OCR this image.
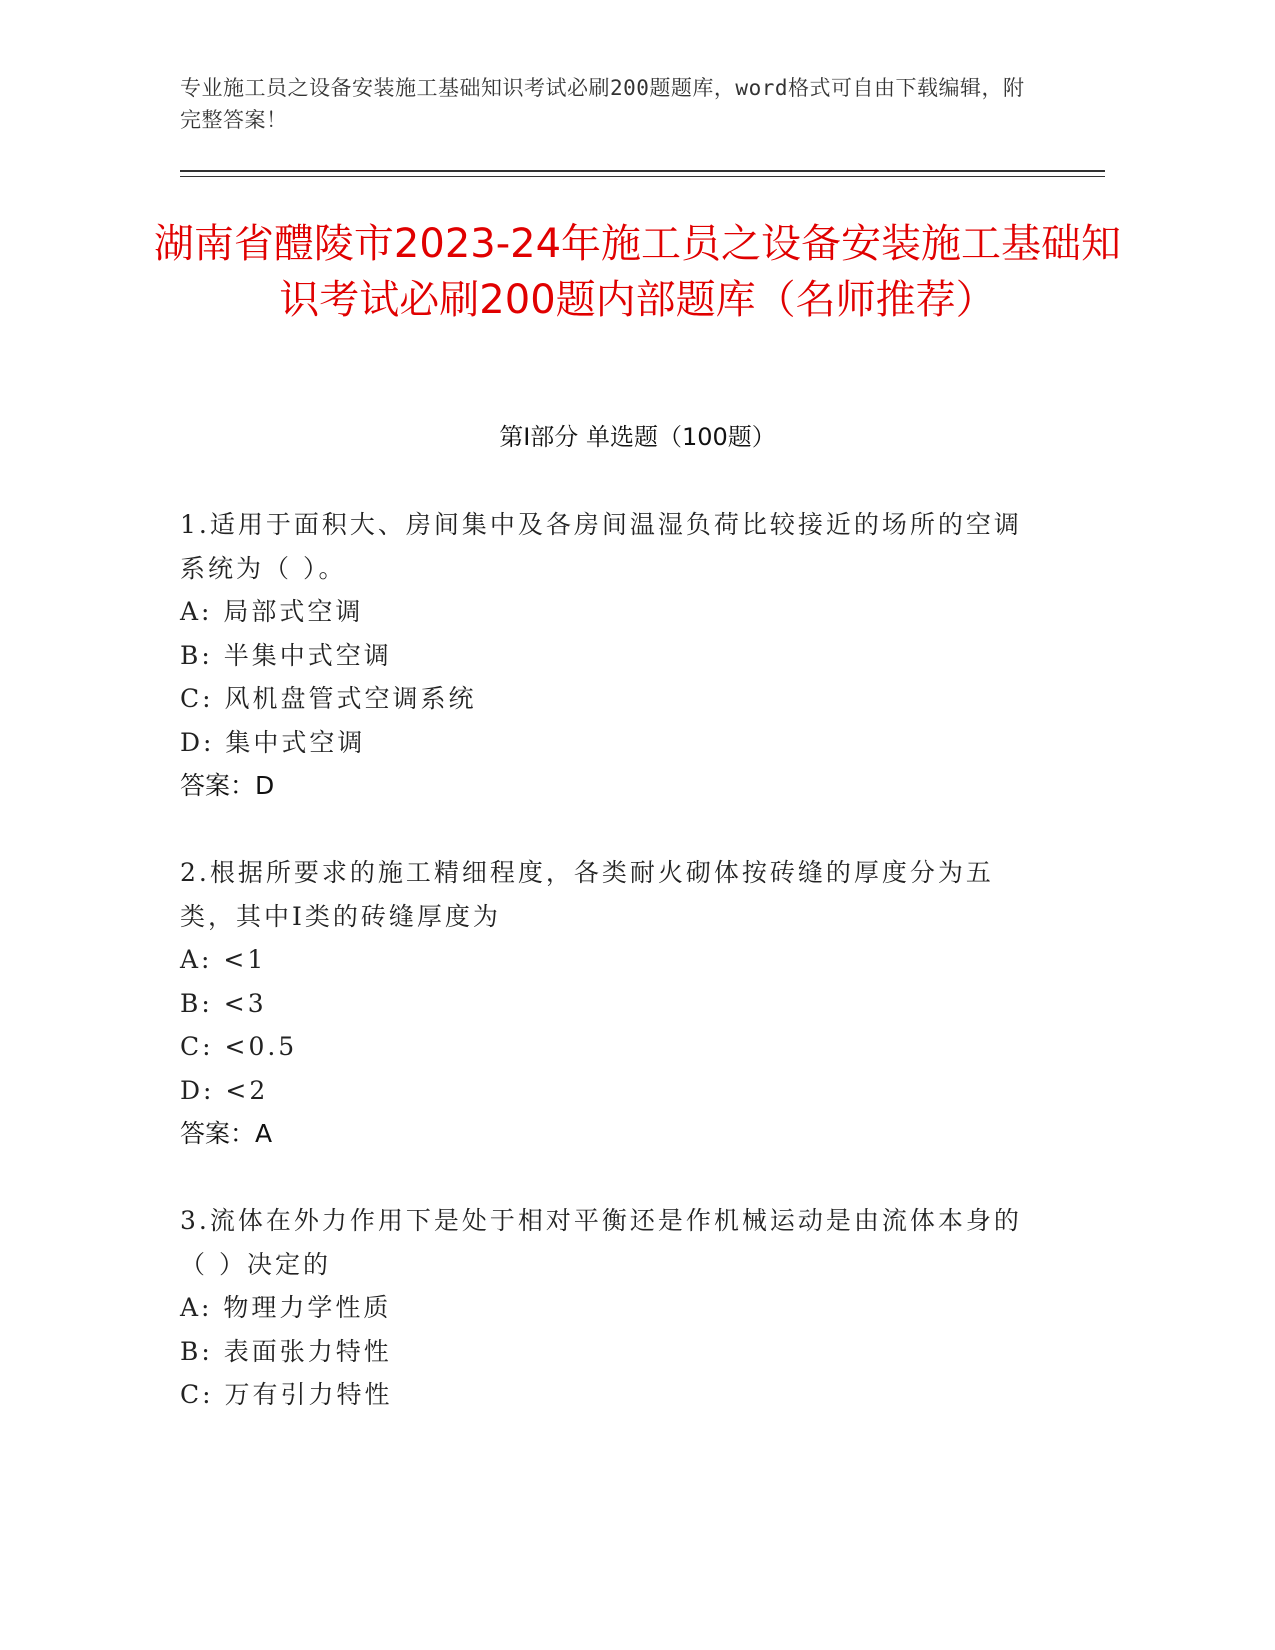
专业施工员之设备安装施工基础知识考试必刷200题题库，word格式可自由下载编辑，附完整答案！
湖南省醴陵市2023-24年施工员之设备安装施工基础知识考试必刷200题内部题库（名师推荐）
第Ⅰ部分 单选题（100题）

1.适用于面积大、房间集中及各房间温湿负荷比较接近的场所的空调系统为（ ）。

A: 局部式空调

B: 半集中式空调

C: 风机盘管式空调系统

D: 集中式空调

答案：D

2.根据所要求的施工精细程度，各类耐火砌体按砖缝的厚度分为五类，其中Ⅰ类的砖缝厚度为

A: <1

B: <3

C: <0.5

D: <2

答案：A

3.流体在外力作用下是处于相对平衡还是作机械运动是由流体本身的（ ）决定的

A: 物理力学性质

B: 表面张力特性

C: 万有引力特性
